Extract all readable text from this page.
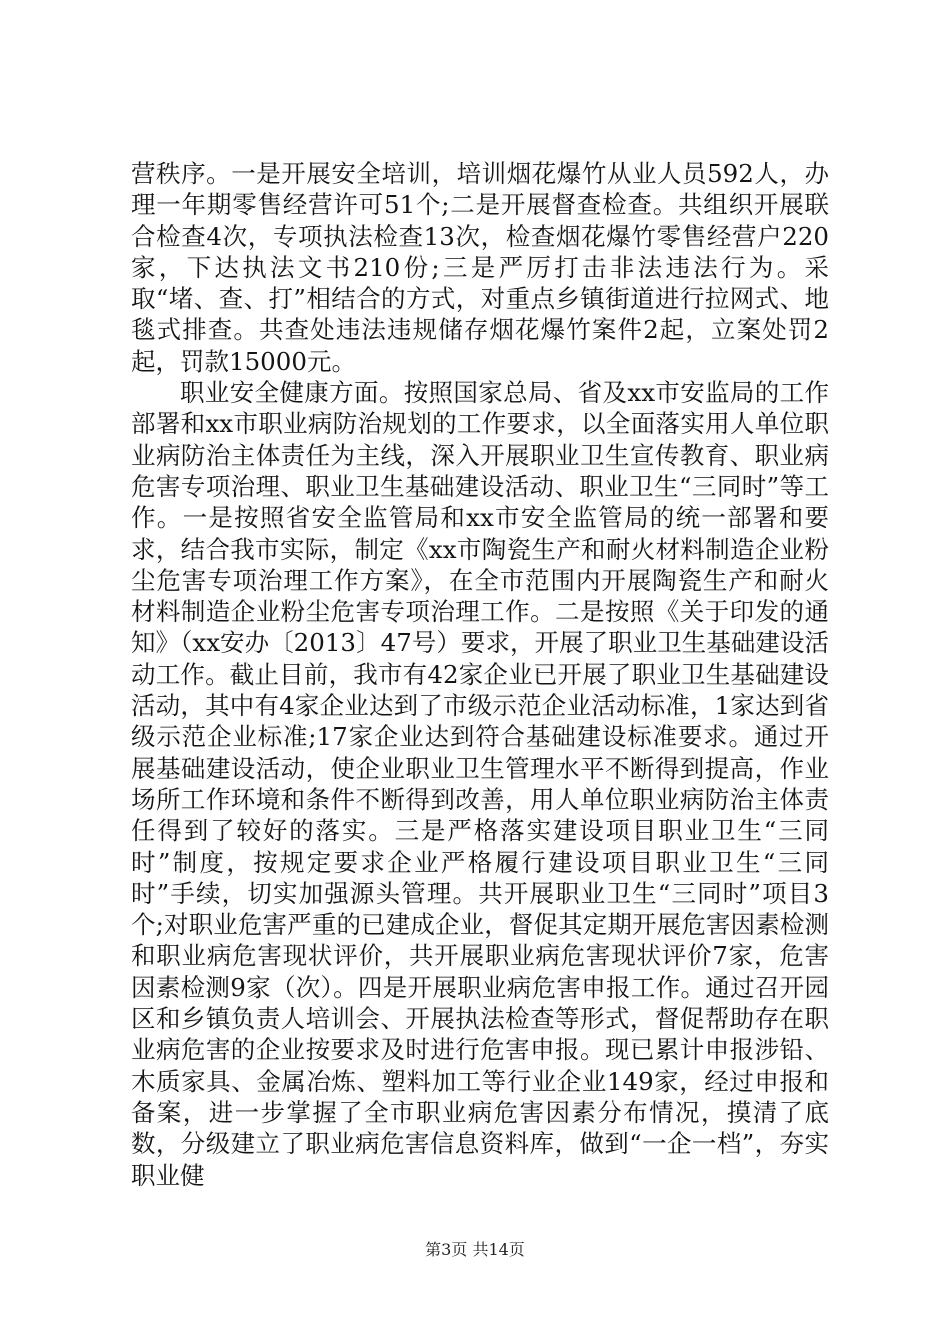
营秩序。一是开展安全培训，培训烟花爆竹从业人员592人，办理一年期零售经营许可51个;二是开展督查检查。共组织开展联合检查4次，专项执法检查13次，检查烟花爆竹零售经营户220家，下达执法文书210份;三是严厉打击非法违法行为。采取“堵、查、打”相结合的方式，对重点乡镇街道进行拉网式、地毯式排查。共查处违法违规储存烟花爆竹案件2起，立案处罚2起，罚款15000元。

职业安全健康方面。按照国家总局、省及xx市安监局的工作部署和xx市职业病防治规划的工作要求，以全面落实用人单位职业病防治主体责任为主线，深入开展职业卫生宣传教育、职业病危害专项治理、职业卫生基础建设活动、职业卫生“三同时”等工作。一是按照省安全监管局和xx市安全监管局的统一部署和要求，结合我市实际，制定《xx市陶瓷生产和耐火材料制造企业粉尘危害专项治理工作方案》，在全市范围内开展陶瓷生产和耐火材料制造企业粉尘危害专项治理工作。二是按照《关于印发的通知》（xx安办〔2013〕47号）要求，开展了职业卫生基础建设活动工作。截止目前，我市有42家企业已开展了职业卫生基础建设活动，其中有4家企业达到了市级示范企业活动标准，1家达到省级示范企业标准;17家企业达到符合基础建设标准要求。通过开展基础建设活动，使企业职业卫生管理水平不断得到提高，作业场所工作环境和条件不断得到改善，用人单位职业病防治主体责任得到了较好的落实。三是严格落实建设项目职业卫生“三同时”制度，按规定要求企业严格履行建设项目职业卫生“三同时”手续，切实加强源头管理。共开展职业卫生“三同时”项目3个;对职业危害严重的已建成企业，督促其定期开展危害因素检测和职业病危害现状评价，共开展职业病危害现状评价7家，危害因素检测9家（次）。四是开展职业病危害申报工作。通过召开园区和乡镇负责人培训会、开展执法检查等形式，督促帮助存在职业病危害的企业按要求及时进行危害申报。现已累计申报涉铅、木质家具、金属冶炼、塑料加工等行业企业149家，经过申报和备案，进一步掌握了全市职业病危害因素分布情况，摸清了底数，分级建立了职业病危害信息资料库，做到“一企一档”，夯实职业健

第3页 共14页
